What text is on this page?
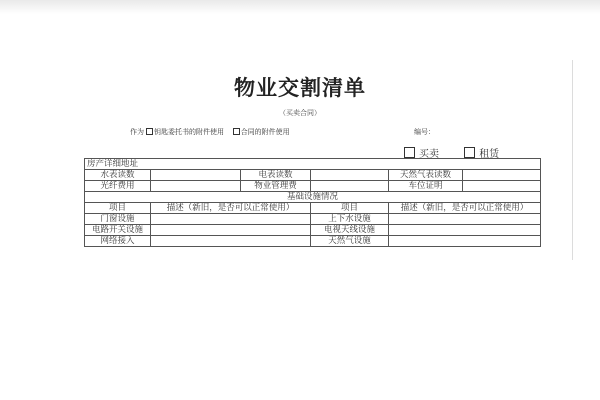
物业交割清单
（买卖合同）
作为 钥匙委托书的附件使用 合同的附件使用	编号：
买卖	租赁
房产详细地址					
水表读数		电表读数		天然气表读数	
光纤费用		物业管理费		车位证明	
基础设施情况					
项目	描述（新旧，是否可以正常使用）		项目	描述（新旧，是否可以正常使用）	
门窗设施			上下水设施		
电路开关设施			电视天线设施		
网络接入			天然气设施		
